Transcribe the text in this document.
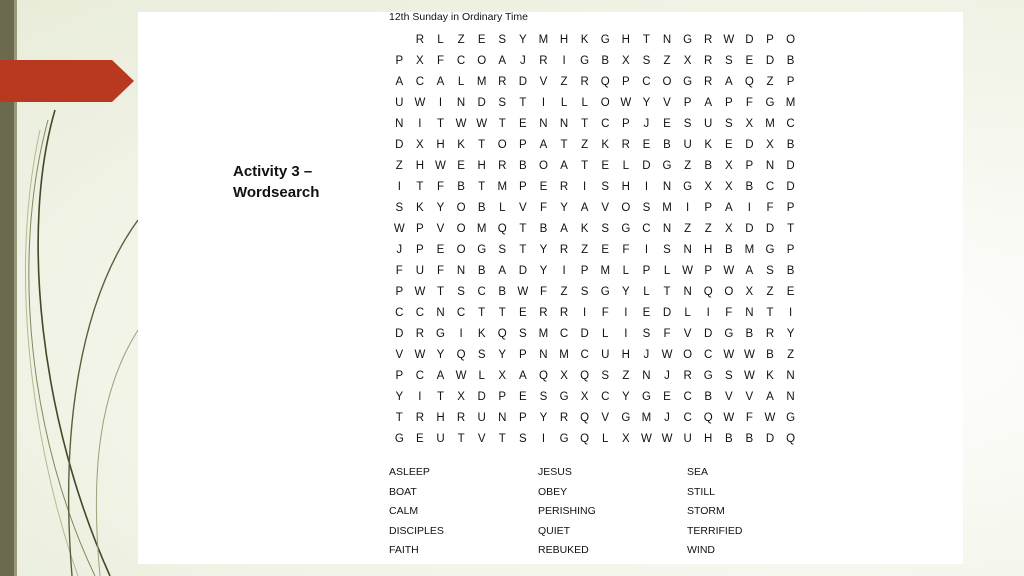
Activity 3 – Wordsearch
12th Sunday in Ordinary Time
R L Z E S Y M H K G H T N G R W D P O
P X F C O A J R I G B X S Z X R S E D B
A C A L M R D V Z R Q P C O G R A Q Z P
U W I N D S T I L L O W Y V P A P F G M
N I T W W T E N N T C P J E S U S X M C
D X H K T O P A T Z K R E B U K E D X B
Z H W E H R B O A T E L D G Z B X P N D
I T F B T M P E R I S H I N G X X B C D
S K Y O B L V F Y A V O S M I P A I F P
W P V O M Q T B A K S G C N Z Z X D D T
J P E O G S T Y R Z E F I S N H B M G P
F U F N B A D Y I P M L P L W P W A S B
P W T S C B W F Z S G Y L T N Q O X Z E
C C N C T T E R R I F I E D L I F N T I
D R G I K Q S M C D L I S F V D G B R Y
V W Y Q S Y P N M C U H J W O C W W B Z
P C A W L X A Q X Q S Z N J R G S W K N
Y I T X D P E S G X C Y G E C B V V A N
T R H R U N P Y R Q V G M J C Q W F W G
G E U T V T S I G Q L X W W U H B B D Q
ASLEEP
BOAT
CALM
DISCIPLES
FAITH
JESUS
OBEY
PERISHING
QUIET
REBUKED
SEA
STILL
STORM
TERRIFIED
WIND
